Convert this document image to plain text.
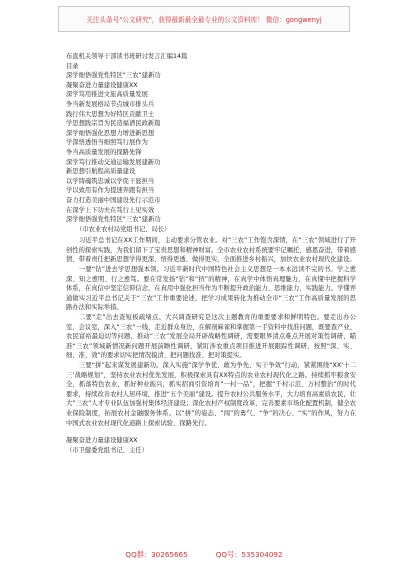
关注头条号"公文研究"，获得最新最全最专业的公文资料库！ 微信：gongwenyj
布直机关领导干部读书班研讨发言汇编14篇
目录
深学细悟强党性特区“三农”建新功
凝聚奋进力量建设健康XX
深学笃用推进文旅高质量发展
争当新发展格局节点城市排头兵
践行伟大思想为好特区贡献卫士
学思想践宗旨为民造福谱民政新篇
深学细悟强化思想力增进新思想
学深悟透悟当细照笃行展作为
争当高质量发展的探路先锋
深学笃行推动交通运输发展建新功
新思想引航程高质量建设
以学铸魂筑忠诚以学促干显担当
学以致用有作为提速奔跑有担当
奋力打造美丽中国建设先行示范市
在深学上下功夫在笃行上见实效
深学细悟强党性特区“三农”建新功
（市农业农村局党组书记、局长）
习近平总书记在XX工作期间，主动要求分管农业。对“三农”工作饱含深情，在“三农”领域进行了开创性的探索实践，为我们留下了宝贵思想和精神财富。全市农业农村系统要牢记嘱托、感恩奋进，带着感情、带着责任把新思想学得更深、悟得更透、做得更实，全面推进乡村振兴，加快农业农村现代化建设。
一要“钻”进去学思想强本领。习近平新时代中国特色社会主义思想是一本永远读不完的书。学之愈深、知之愈明、行之愈笃。要在常发扬“钻”和“挤”的精神，在真学中体悟真理魅力，在真懂中把握科学体系，在真信中坚定信仰信念，在真用中强化担当作为不断提升政治能力、思维能力、实践能力。学懂弄通做实习近平总书记关于“三农”工作重要论述，把学习成果转化为推动全市“三农”工作高质量发展的思路办法和实际举措。
二要“走”出去查短板疏堵点。大兴调查研究是这次主题教育的重要要求和鲜明特色。要走出办公室、会议室，深入“三农”一线，走近群众身边，在解剖麻雀和掌握第一手资料中找准问题，既要查产业、农民富裕最迫切等问题，推动“三农”发展全局开辟战略性调研，需要眼界清点难点开展对策性调研，瞄准“三农”领域新情况新问题开展前瞻性调研，紧盯涉农重点项目推进开展跟踪性调研，按照“深、实、细、准、效”的要求切实把情况摸清、把问题找准、把对策提实。
三要“拼”起来谋发展建新功。深入实施“深学争优、敢为争先、实干争效”行动，紧紧围绕“XX‘十二三’战略规划”，坚持农业农村优先发展，积极探索具有XX特点的农业农村现代化之路。持续抓牢粮食安全，抓落特色农业，抓好种业振兴，抓实招商引资培育“一村一品”，把握“千村示范、万村整治”的时代要求，持续改善农村人居环境，推进“五个美丽”建设。提升农村公共服务水平，大力培育高素质农民，壮大“三农”人才专业队伍加强村集体经济建设；深化农村产权制度改革，完善要素市场化配置机制，健全农业保险制度，拓展农村金融服务体系。以“拼”的姿态、“闯”的勇气、“争”的决心、“实”的作风，努力在中国式农业农村现代化道路上探索试验、探路先行。
凝聚奋进力量建设健康XX
（市卫健委党组书记、主任）
QQ群：30265665	QQ号：535304092
